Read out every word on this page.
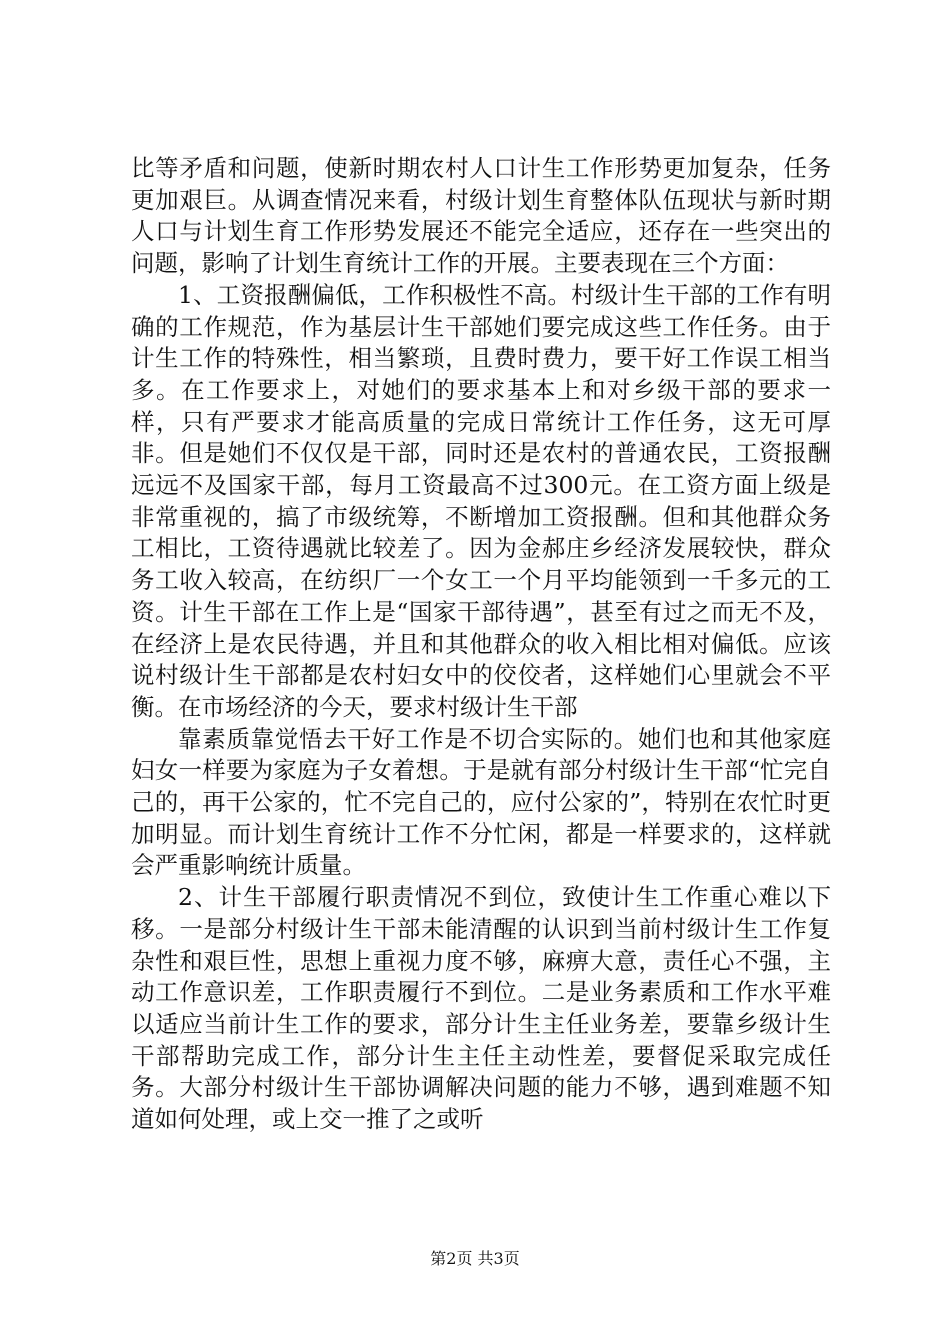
比等矛盾和问题，使新时期农村人口计生工作形势更加复杂，任务更加艰巨。从调查情况来看，村级计划生育整体队伍现状与新时期人口与计划生育工作形势发展还不能完全适应，还存在一些突出的问题，影响了计划生育统计工作的开展。主要表现在三个方面：

1、工资报酬偏低，工作积极性不高。村级计生干部的工作有明确的工作规范，作为基层计生干部她们要完成这些工作任务。由于计生工作的特殊性，相当繁琐，且费时费力，要干好工作误工相当多。在工作要求上，对她们的要求基本上和对乡级干部的要求一样，只有严要求才能高质量的完成日常统计工作任务，这无可厚非。但是她们不仅仅是干部，同时还是农村的普通农民，工资报酬远远不及国家干部，每月工资最高不过300元。在工资方面上级是非常重视的，搞了市级统筹，不断增加工资报酬。但和其他群众务工相比，工资待遇就比较差了。因为金郝庄乡经济发展较快，群众务工收入较高，在纺织厂一个女工一个月平均能领到一千多元的工资。计生干部在工作上是“国家干部待遇”，甚至有过之而无不及，在经济上是农民待遇，并且和其他群众的收入相比相对偏低。应该说村级计生干部都是农村妇女中的佼佼者，这样她们心里就会不平衡。在市场经济的今天，要求村级计生干部

靠素质靠觉悟去干好工作是不切合实际的。她们也和其他家庭妇女一样要为家庭为子女着想。于是就有部分村级计生干部“忙完自己的，再干公家的，忙不完自己的，应付公家的”，特别在农忙时更加明显。而计划生育统计工作不分忙闲，都是一样要求的，这样就会严重影响统计质量。

2、计生干部履行职责情况不到位，致使计生工作重心难以下移。一是部分村级计生干部未能清醒的认识到当前村级计生工作复杂性和艰巨性，思想上重视力度不够，麻痹大意，责任心不强，主动工作意识差，工作职责履行不到位。二是业务素质和工作水平难以适应当前计生工作的要求，部分计生主任业务差，要靠乡级计生干部帮助完成工作，部分计生主任主动性差，要督促采取完成任务。大部分村级计生干部协调解决问题的能力不够，遇到难题不知道如何处理，或上交一推了之或听

第2页 共3页
